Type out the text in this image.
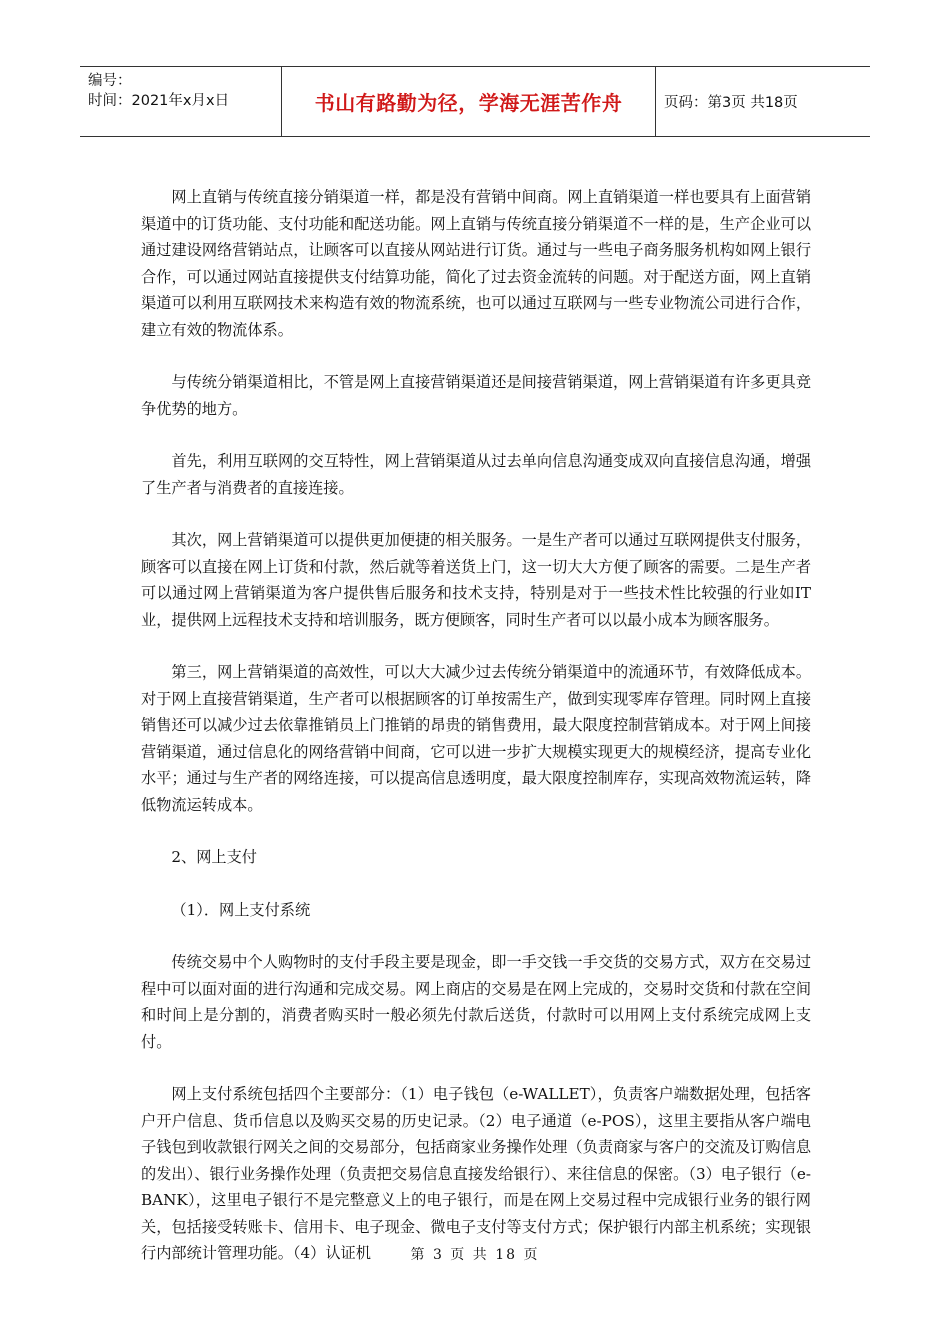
编号：
时间：2021年x月x日	书山有路勤为径，学海无涯苦作舟	页码：第3页 共18页

网上直销与传统直接分销渠道一样，都是没有营销中间商。网上直销渠道一样也要具有上面营销渠道中的订货功能、支付功能和配送功能。网上直销与传统直接分销渠道不一样的是，生产企业可以通过建设网络营销站点，让顾客可以直接从网站进行订货。通过与一些电子商务服务机构如网上银行合作，可以通过网站直接提供支付结算功能，简化了过去资金流转的问题。对于配送方面，网上直销渠道可以利用互联网技术来构造有效的物流系统，也可以通过互联网与一些专业物流公司进行合作，建立有效的物流体系。

与传统分销渠道相比，不管是网上直接营销渠道还是间接营销渠道，网上营销渠道有许多更具竞争优势的地方。

首先，利用互联网的交互特性，网上营销渠道从过去单向信息沟通变成双向直接信息沟通，增强了生产者与消费者的直接连接。

其次，网上营销渠道可以提供更加便捷的相关服务。一是生产者可以通过互联网提供支付服务，顾客可以直接在网上订货和付款，然后就等着送货上门，这一切大大方便了顾客的需要。二是生产者可以通过网上营销渠道为客户提供售后服务和技术支持，特别是对于一些技术性比较强的行业如IT业，提供网上远程技术支持和培训服务，既方便顾客，同时生产者可以以最小成本为顾客服务。

第三，网上营销渠道的高效性，可以大大减少过去传统分销渠道中的流通环节，有效降低成本。对于网上直接营销渠道，生产者可以根据顾客的订单按需生产，做到实现零库存管理。同时网上直接销售还可以减少过去依靠推销员上门推销的昂贵的销售费用，最大限度控制营销成本。对于网上间接营销渠道，通过信息化的网络营销中间商，它可以进一步扩大规模实现更大的规模经济，提高专业化水平；通过与生产者的网络连接，可以提高信息透明度，最大限度控制库存，实现高效物流运转，降低物流运转成本。

2、网上支付

（1）．网上支付系统

传统交易中个人购物时的支付手段主要是现金，即一手交钱一手交货的交易方式，双方在交易过程中可以面对面的进行沟通和完成交易。网上商店的交易是在网上完成的，交易时交货和付款在空间和时间上是分割的，消费者购买时一般必须先付款后送货，付款时可以用网上支付系统完成网上支付。

网上支付系统包括四个主要部分：（1）电子钱包（e-WALLET），负责客户端数据处理，包括客户开户信息、货币信息以及购买交易的历史记录。（2）电子通道（e-POS），这里主要指从客户端电子钱包到收款银行网关之间的交易部分，包括商家业务操作处理（负责商家与客户的交流及订购信息的发出）、银行业务操作处理（负责把交易信息直接发给银行）、来往信息的保密。（3）电子银行（e-BANK），这里电子银行不是完整意义上的电子银行，而是在网上交易过程中完成银行业务的银行网关，包括接受转账卡、信用卡、电子现金、微电子支付等支付方式；保护银行内部主机系统；实现银行内部统计管理功能。（4）认证机	第 3 页 共 18 页
